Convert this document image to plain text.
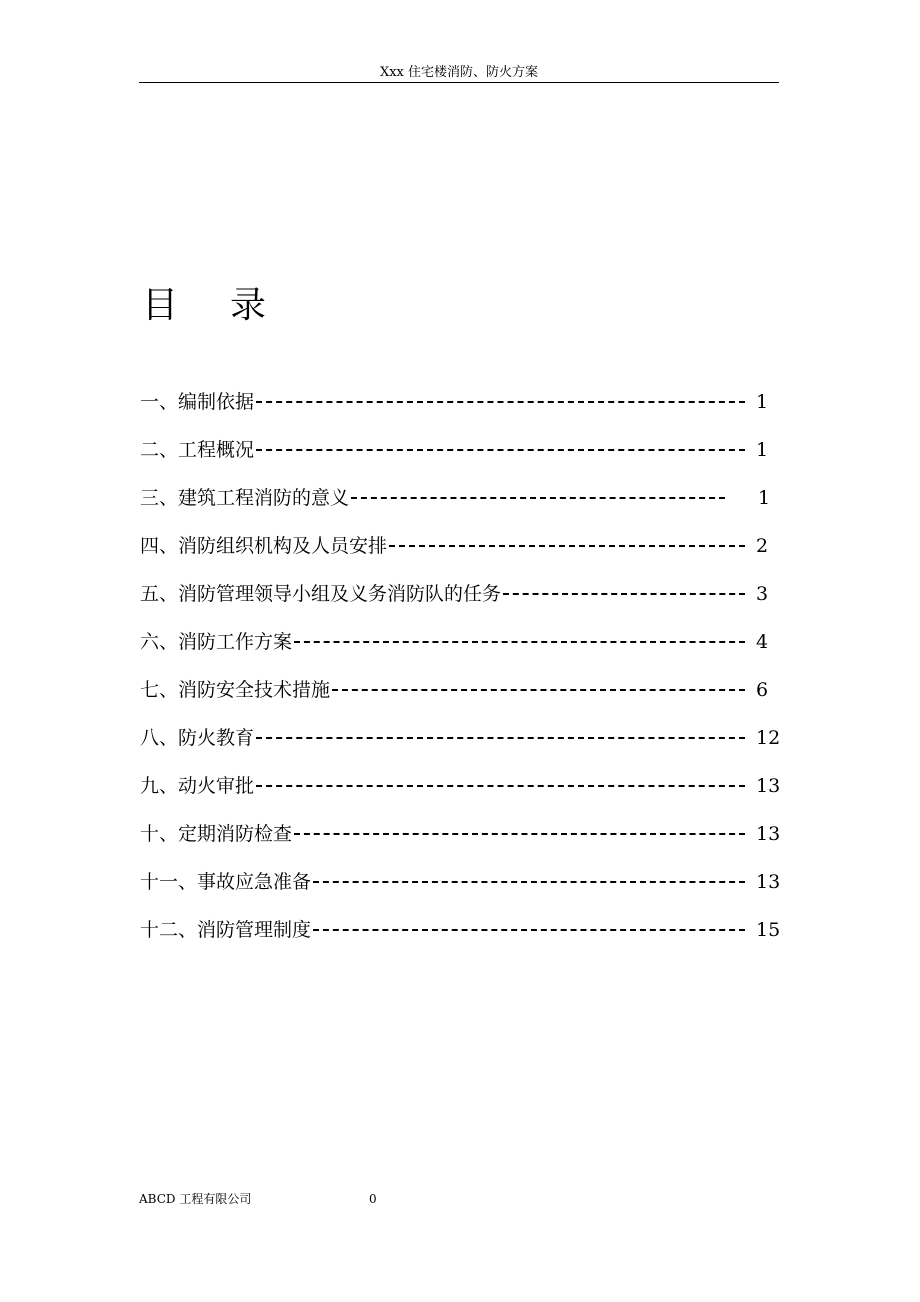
Xxx 住宅楼消防、防火方案
目 录
一、编制依据	1
二、工程概况	1
三、建筑工程消防的意义	1
四、消防组织机构及人员安排	2
五、消防管理领导小组及义务消防队的任务	3
六、消防工作方案	4
七、消防安全技术措施	6
八、防火教育	12
九、动火审批	13
十、定期消防检查	13
十一、事故应急准备	13
十二、消防管理制度	15
ABCD 工程有限公司	0
